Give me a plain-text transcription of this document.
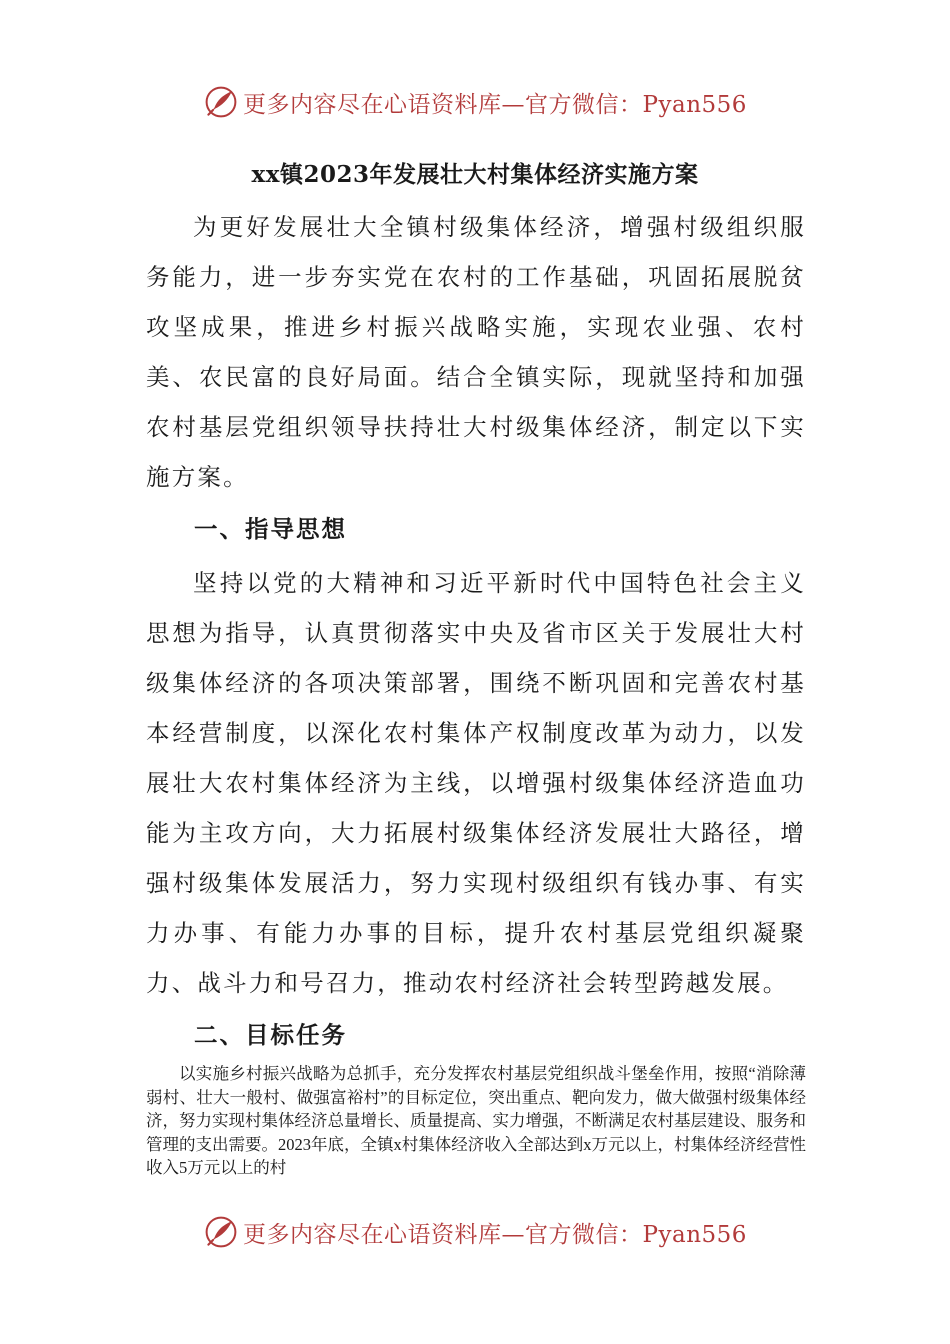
更多内容尽在心语资料库—官方微信：Pyan556
xx镇2023年发展壮大村集体经济实施方案

为更好发展壮大全镇村级集体经济，增强村级组织服务能力，进一步夯实党在农村的工作基础，巩固拓展脱贫攻坚成果，推进乡村振兴战略实施，实现农业强、农村美、农民富的良好局面。结合全镇实际，现就坚持和加强农村基层党组织领导扶持壮大村级集体经济，制定以下实施方案。

一、指导思想

坚持以党的大精神和习近平新时代中国特色社会主义思想为指导，认真贯彻落实中央及省市区关于发展壮大村级集体经济的各项决策部署，围绕不断巩固和完善农村基本经营制度，以深化农村集体产权制度改革为动力，以发展壮大农村集体经济为主线，以增强村级集体经济造血功能为主攻方向，大力拓展村级集体经济发展壮大路径，增强村级集体发展活力，努力实现村级组织有钱办事、有实力办事、有能力办事的目标，提升农村基层党组织凝聚力、战斗力和号召力，推动农村经济社会转型跨越发展。

二、目标任务

以实施乡村振兴战略为总抓手，充分发挥农村基层党组织战斗堡垒作用，按照“消除薄弱村、壮大一般村、做强富裕村”的目标定位，突出重点、靶向发力，做大做强村级集体经济，努力实现村集体经济总量增长、质量提高、实力增强，不断满足农村基层建设、服务和管理的支出需要。2023年底，全镇x村集体经济收入全部达到x万元以上，村集体经济经营性收入5万元以上的村

更多内容尽在心语资料库—官方微信：Pyan556
